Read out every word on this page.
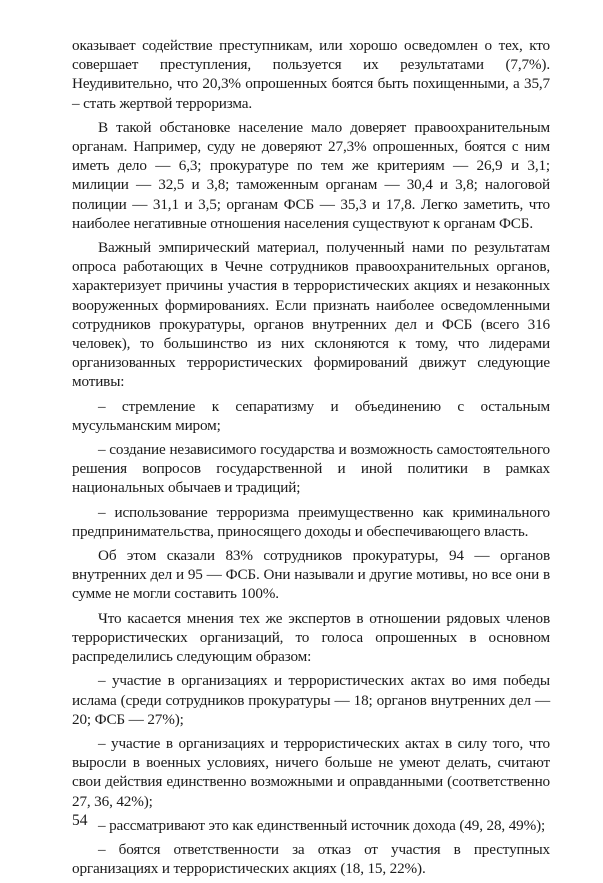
оказывает содействие преступникам, или хорошо осведомлен о тех, кто совершает преступления, пользуется их результатами (7,7%). Неудивительно, что 20,3% опрошенных боятся быть похищенными, а 35,7 – стать жертвой терроризма.

В такой обстановке население мало доверяет правоохранительным органам. Например, суду не доверяют 27,3% опрошенных, боятся с ним иметь дело — 6,3; прокуратуре по тем же критериям — 26,9 и 3,1; милиции — 32,5 и 3,8; таможенным органам — 30,4 и 3,8; налоговой полиции — 31,1 и 3,5; органам ФСБ — 35,3 и 17,8. Легко заметить, что наиболее негативные отношения населения существуют к органам ФСБ.

Важный эмпирический материал, полученный нами по результатам опроса работающих в Чечне сотрудников правоохранительных органов, характеризует причины участия в террористических акциях и незаконных вооруженных формированиях. Если признать наиболее осведомленными сотрудников прокуратуры, органов внутренних дел и ФСБ (всего 316 человек), то большинство из них склоняются к тому, что лидерами организованных террористических формирований движут следующие мотивы:

– стремление к сепаратизму и объединению с остальным мусульманским миром;

– создание независимого государства и возможность самостоятельного решения вопросов государственной и иной политики в рамках национальных обычаев и традиций;

– использование терроризма преимущественно как криминального предпринимательства, приносящего доходы и обеспечивающего власть.

Об этом сказали 83% сотрудников прокуратуры, 94 — органов внутренних дел и 95 — ФСБ. Они называли и другие мотивы, но все они в сумме не могли составить 100%.

Что касается мнения тех же экспертов в отношении рядовых членов террористических организаций, то голоса опрошенных в основном распределились следующим образом:

– участие в организациях и террористических актах во имя победы ислама (среди сотрудников прокуратуры — 18; органов внутренних дел — 20; ФСБ — 27%);

– участие в организациях и террористических актах в силу того, что выросли в военных условиях, ничего больше не умеют делать, считают свои действия единственно возможными и оправданными (соответственно 27, 36, 42%);

– рассматривают это как единственный источник дохода (49, 28, 49%);

– боятся ответственности за отказ от участия в преступных организациях и террористических акциях (18, 15, 22%).

54
